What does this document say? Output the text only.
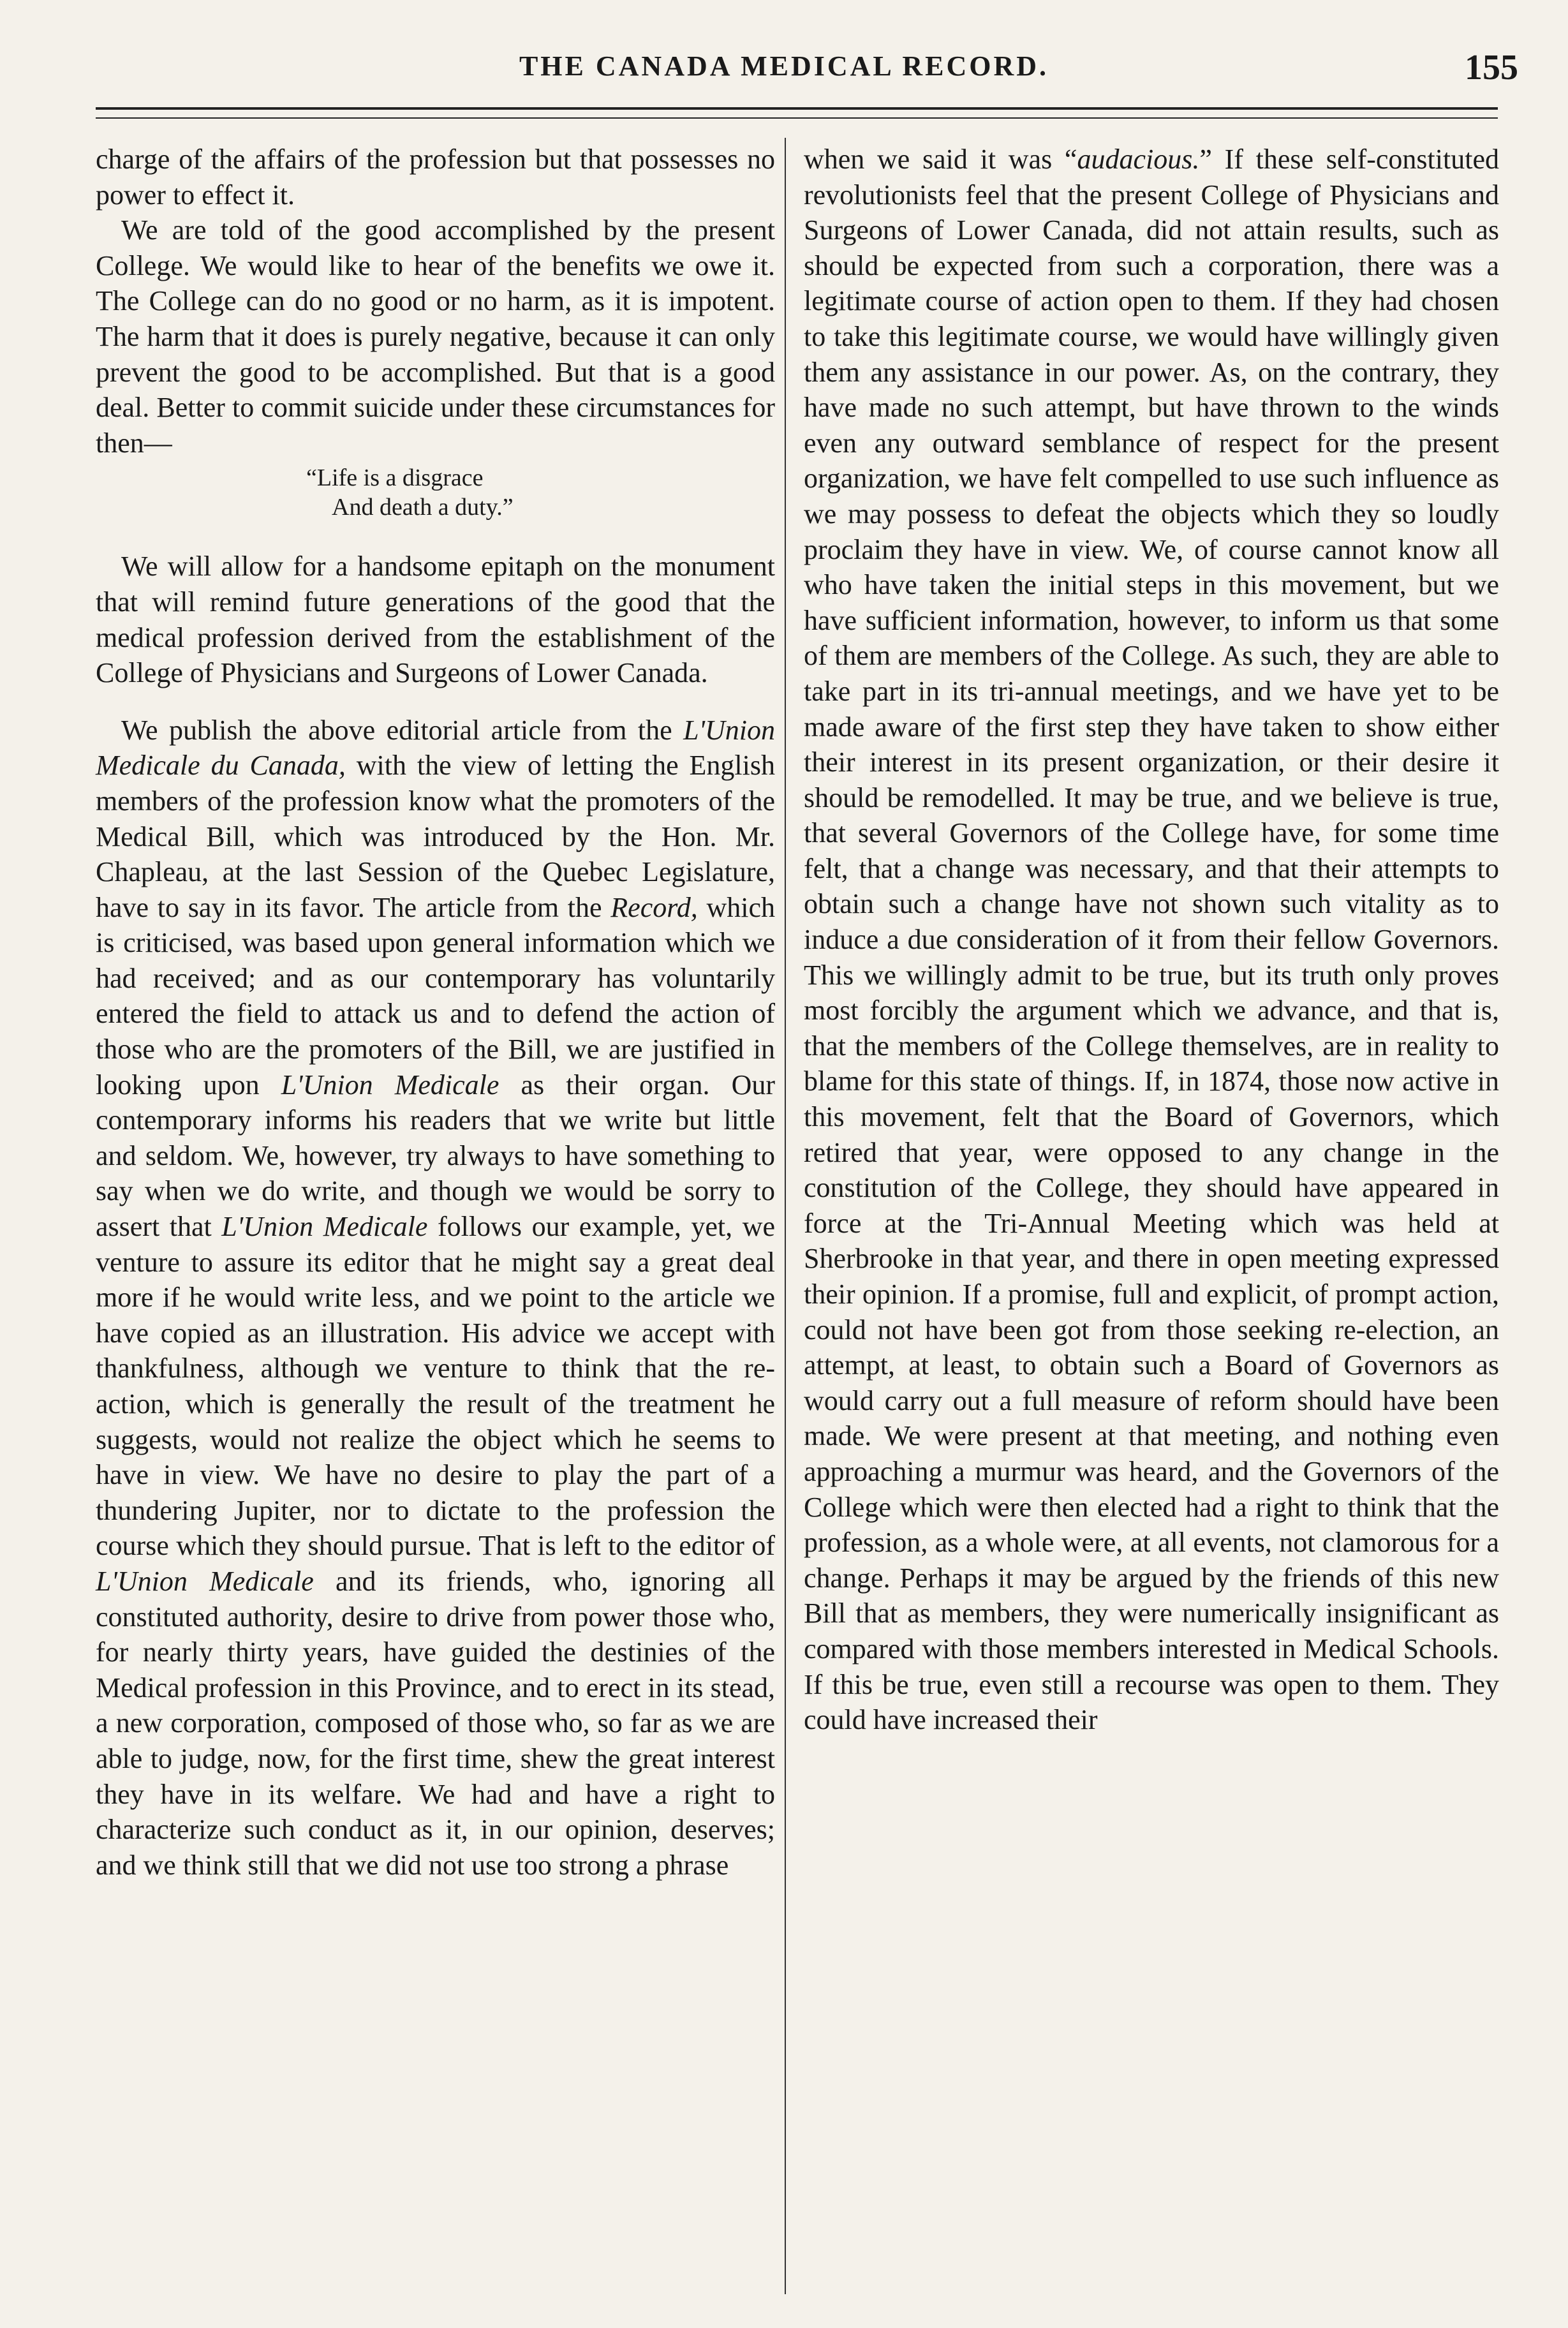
THE CANADA MEDICAL RECORD.	155

charge of the affairs of the profession but that possesses no power to effect it.

We are told of the good accomplished by the present College. We would like to hear of the benefits we owe it. The College can do no good or no harm, as it is impotent. The harm that it does is purely negative, because it can only prevent the good to be accomplished. But that is a good deal. Better to commit suicide under these circumstances for then—

“Life is a disgrace
And death a duty.”

We will allow for a handsome epitaph on the monument that will remind future generations of the good that the medical profession derived from the establishment of the College of Physicians and Surgeons of Lower Canada.

We publish the above editorial article from the L'Union Medicale du Canada, with the view of letting the English members of the profession know what the promoters of the Medical Bill, which was introduced by the Hon. Mr. Chapleau, at the last Session of the Quebec Legislature, have to say in its favor. The article from the Record, which is criticised, was based upon general information which we had received; and as our contemporary has voluntarily entered the field to attack us and to defend the action of those who are the promoters of the Bill, we are justified in looking upon L'Union Medicale as their organ. Our contemporary informs his readers that we write but little and seldom. We, however, try always to have something to say when we do write, and though we would be sorry to assert that L'Union Medicale follows our example, yet, we venture to assure its editor that he might say a great deal more if he would write less, and we point to the article we have copied as an illustration. His advice we accept with thankfulness, although we venture to think that the re-action, which is generally the result of the treatment he suggests, would not realize the object which he seems to have in view. We have no desire to play the part of a thundering Jupiter, nor to dictate to the profession the course which they should pursue. That is left to the editor of L'Union Medicale and its friends, who, ignoring all constituted authority, desire to drive from power those who, for nearly thirty years, have guided the destinies of the Medical profession in this Province, and to erect in its stead, a new corporation, composed of those who, so far as we are able to judge, now, for the first time, shew the great interest they have in its welfare. We had and have a right to characterize such conduct as it, in our opinion, deserves; and we think still that we did not use too strong a phrase

when we said it was “audacious.” If these self-constituted revolutionists feel that the present College of Physicians and Surgeons of Lower Canada, did not attain results, such as should be expected from such a corporation, there was a legitimate course of action open to them. If they had chosen to take this legitimate course, we would have willingly given them any assistance in our power. As, on the contrary, they have made no such attempt, but have thrown to the winds even any outward semblance of respect for the present organization, we have felt compelled to use such influence as we may possess to defeat the objects which they so loudly proclaim they have in view. We, of course cannot know all who have taken the initial steps in this movement, but we have sufficient information, however, to inform us that some of them are members of the College. As such, they are able to take part in its tri-annual meetings, and we have yet to be made aware of the first step they have taken to show either their interest in its present organization, or their desire it should be remodelled. It may be true, and we believe is true, that several Governors of the College have, for some time felt, that a change was necessary, and that their attempts to obtain such a change have not shown such vitality as to induce a due consideration of it from their fellow Governors. This we willingly admit to be true, but its truth only proves most forcibly the argument which we advance, and that is, that the members of the College themselves, are in reality to blame for this state of things. If, in 1874, those now active in this movement, felt that the Board of Governors, which retired that year, were opposed to any change in the constitution of the College, they should have appeared in force at the Tri-Annual Meeting which was held at Sherbrooke in that year, and there in open meeting expressed their opinion. If a promise, full and explicit, of prompt action, could not have been got from those seeking re-election, an attempt, at least, to obtain such a Board of Governors as would carry out a full measure of reform should have been made. We were present at that meeting, and nothing even approaching a murmur was heard, and the Governors of the College which were then elected had a right to think that the profession, as a whole were, at all events, not clamorous for a change. Perhaps it may be argued by the friends of this new Bill that as members, they were numerically insignificant as compared with those members interested in Medical Schools. If this be true, even still a recourse was open to them. They could have increased their
